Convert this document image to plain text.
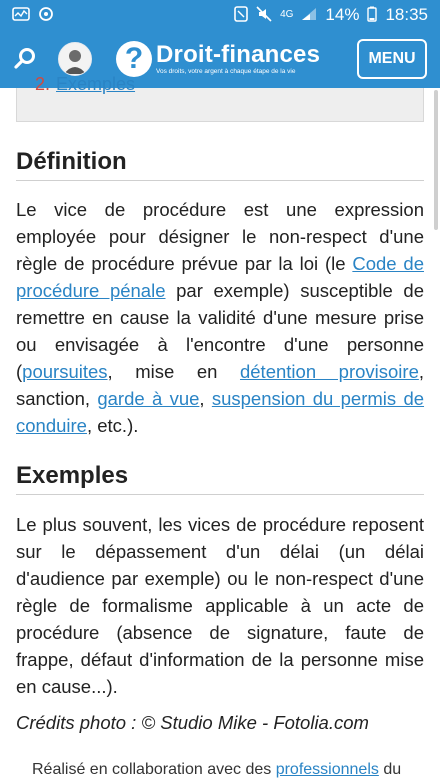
4G 14% 18:35
? Droit-finances
Vos droits, votre argent à chaque étape de la vie
MENU
2. Exemples
Définition
Le vice de procédure est une expression employée pour désigner le non-respect d'une règle de procédure prévue par la loi (le Code de procédure pénale par exemple) susceptible de remettre en cause la validité d'une mesure prise ou envisagée à l'encontre d'une personne (poursuites, mise en détention provisoire, sanction, garde à vue, suspension du permis de conduire, etc.).
Exemples
Le plus souvent, les vices de procédure reposent sur le dépassement d'un délai (un délai d'audience par exemple) ou le non-respect d'une règle de formalisme applicable à un acte de procédure (absence de signature, faute de frappe, défaut d'information de la personne mise en cause...).
Crédits photo : © Studio Mike - Fotolia.com
Réalisé en collaboration avec des professionnels du
